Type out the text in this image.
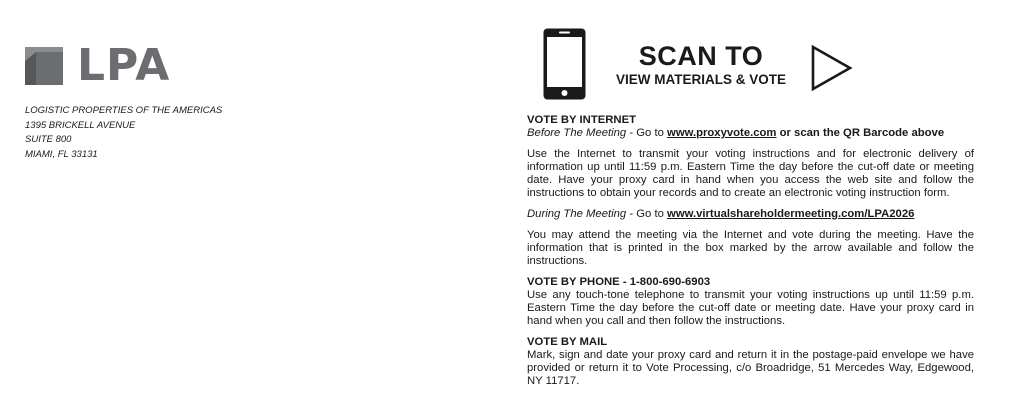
LPA
LOGISTIC PROPERTIES OF THE AMERICAS
1395 BRICKELL AVENUE
SUITE 800
MIAMI, FL 33131
SCAN TO
VIEW MATERIALS & VOTE

VOTE BY INTERNET

Before The Meeting - Go to www.proxyvote.com or scan the QR Barcode above

Use the Internet to transmit your voting instructions and for electronic delivery of information up until 11:59 p.m. Eastern Time the day before the cut-off date or meeting date. Have your proxy card in hand when you access the web site and follow the instructions to obtain your records and to create an electronic voting instruction form.

During The Meeting - Go to www.virtualshareholdermeeting.com/LPA2026

You may attend the meeting via the Internet and vote during the meeting. Have the information that is printed in the box marked by the arrow available and follow the instructions.

VOTE BY PHONE - 1-800-690-6903

Use any touch-tone telephone to transmit your voting instructions up until 11:59 p.m. Eastern Time the day before the cut-off date or meeting date. Have your proxy card in hand when you call and then follow the instructions.

VOTE BY MAIL

Mark, sign and date your proxy card and return it in the postage-paid envelope we have provided or return it to Vote Processing, c/o Broadridge, 51 Mercedes Way, Edgewood, NY 11717.
